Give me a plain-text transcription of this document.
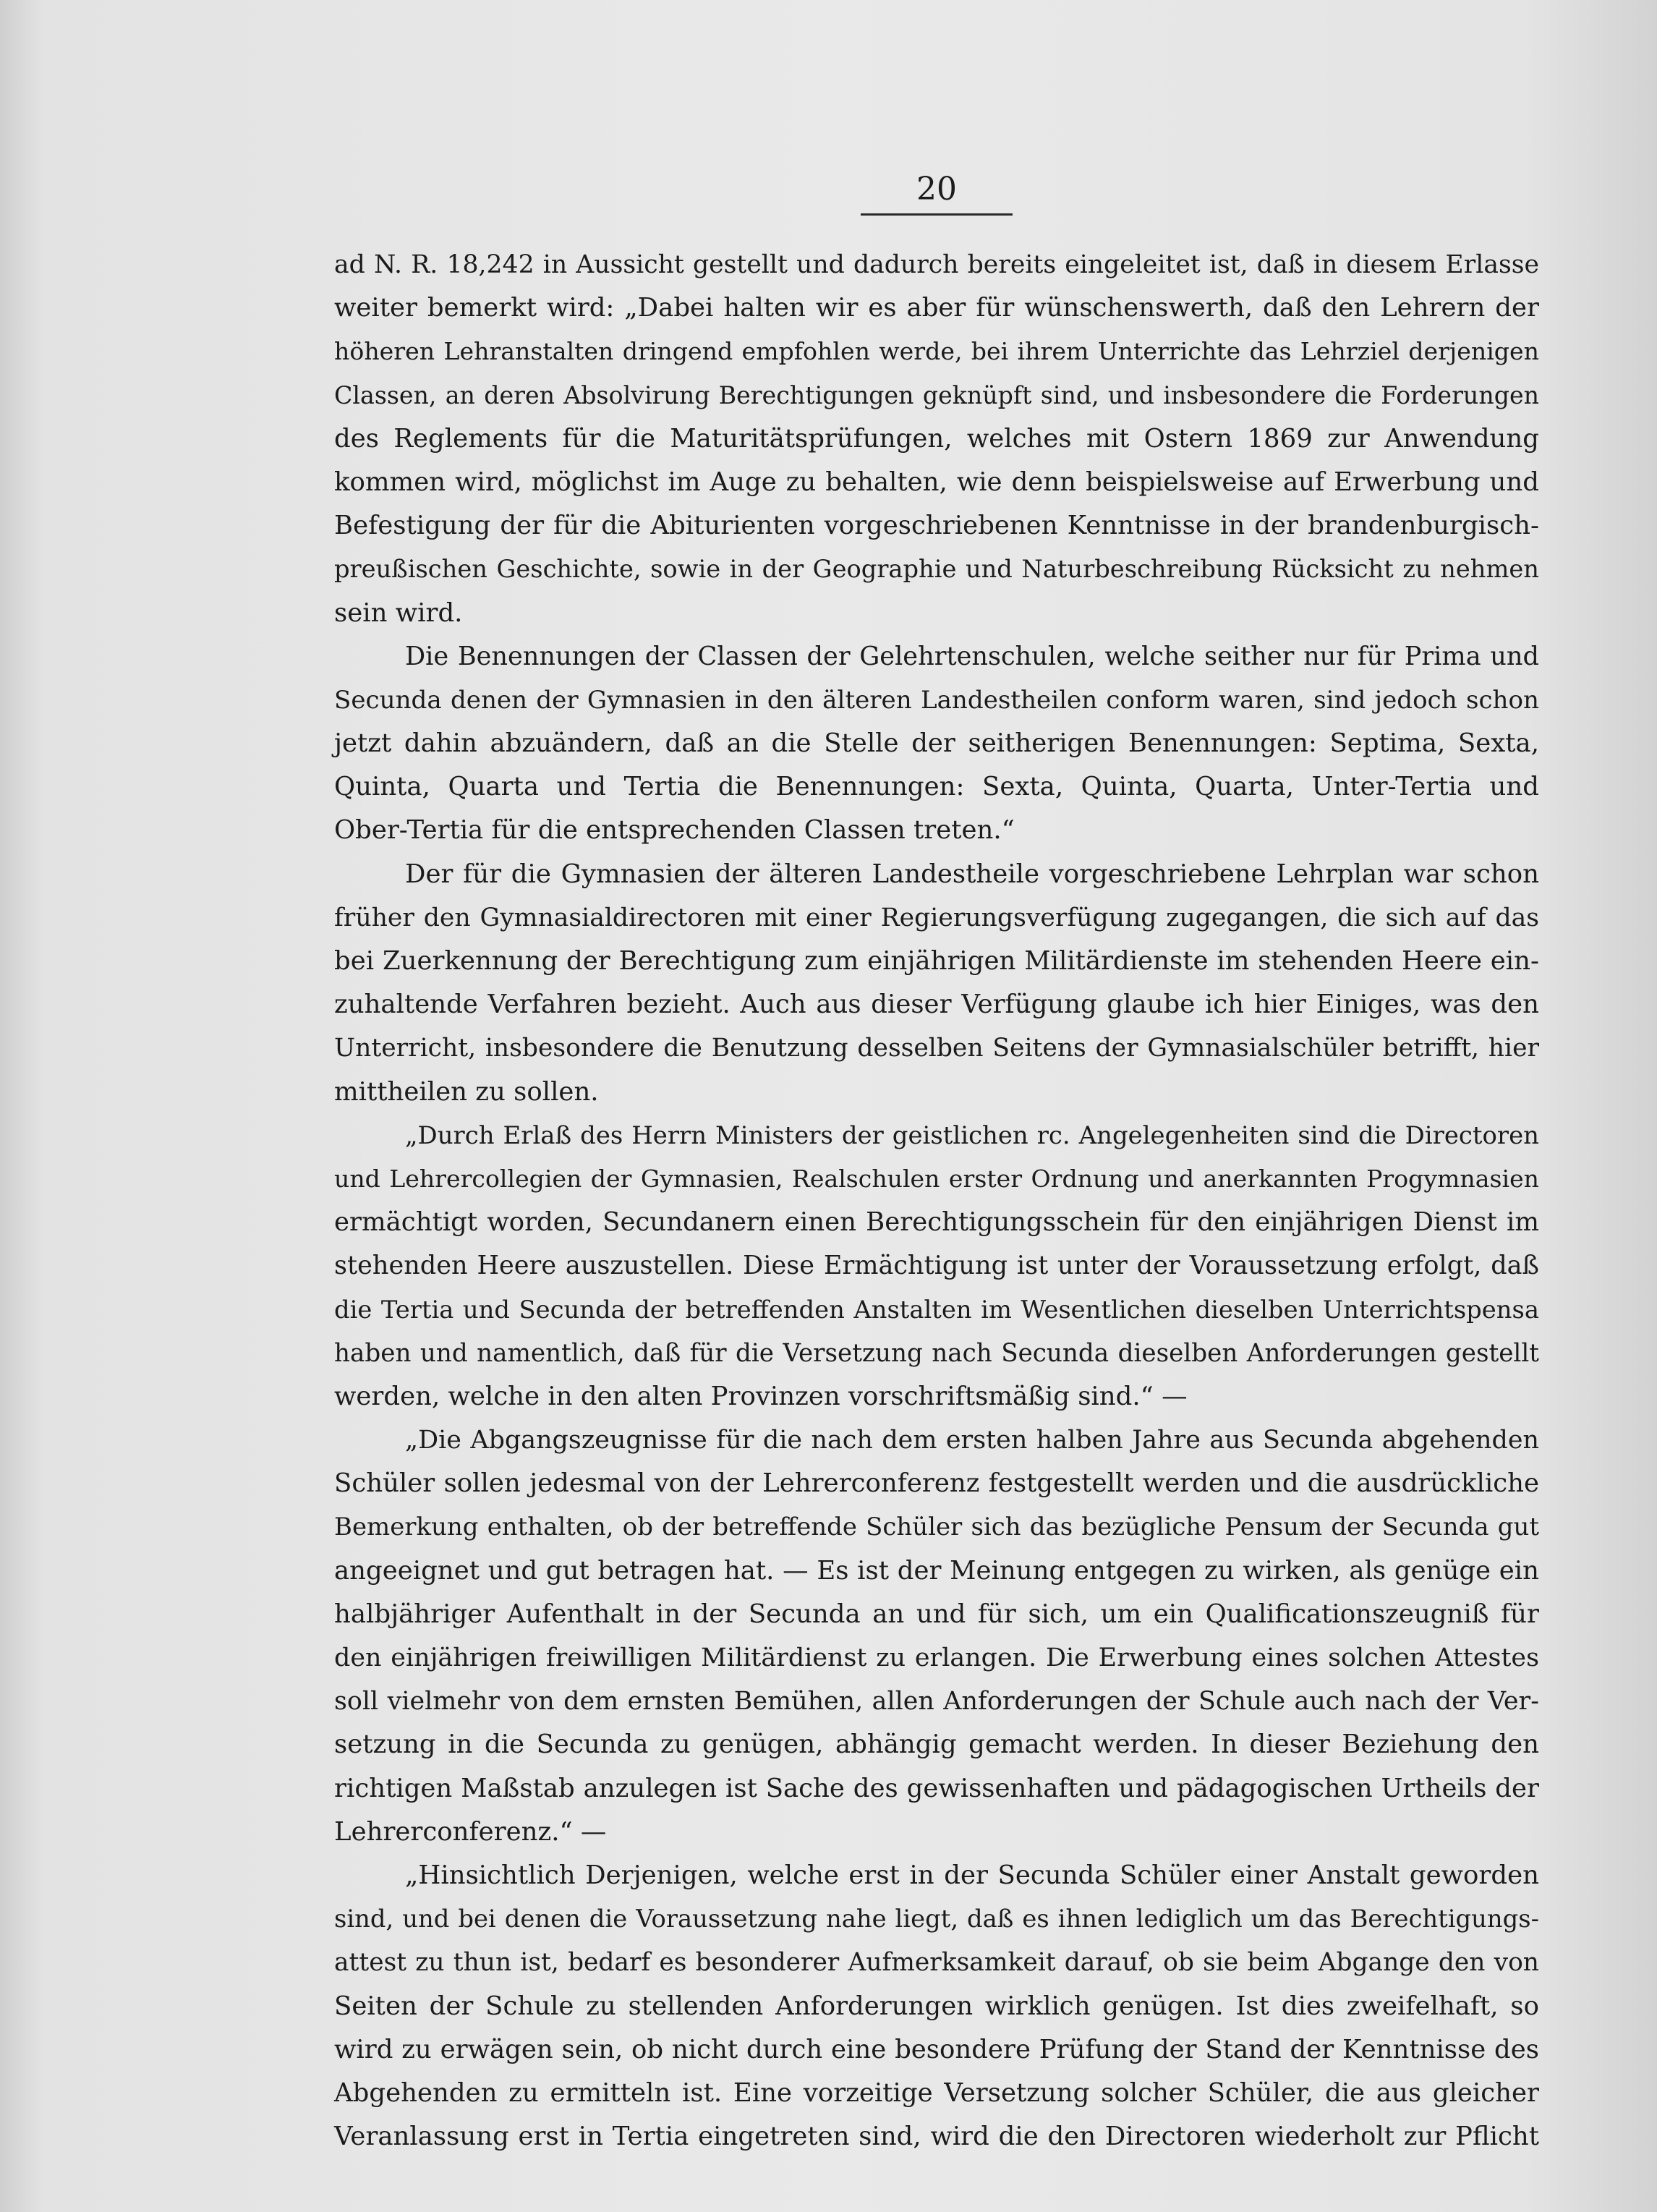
20
ad N. R. 18,242 in Aussicht gestellt und dadurch bereits eingeleitet ist, daß in diesem Erlasse
weiter bemerkt wird: „Dabei halten wir es aber für wünschenswerth, daß den Lehrern der
höheren Lehranstalten dringend empfohlen werde, bei ihrem Unterrichte das Lehrziel derjenigen
Classen, an deren Absolvirung Berechtigungen geknüpft sind, und insbesondere die Forderungen
des Reglements für die Maturitätsprüfungen, welches mit Ostern 1869 zur Anwendung
kommen wird, möglichst im Auge zu behalten, wie denn beispielsweise auf Erwerbung und
Befestigung der für die Abiturienten vorgeschriebenen Kenntnisse in der brandenburgisch-
preußischen Geschichte, sowie in der Geographie und Naturbeschreibung Rücksicht zu nehmen
sein wird.
Die Benennungen der Classen der Gelehrtenschulen, welche seither nur für Prima und
Secunda denen der Gymnasien in den älteren Landestheilen conform waren, sind jedoch schon
jetzt dahin abzuändern, daß an die Stelle der seitherigen Benennungen: Septima, Sexta,
Quinta, Quarta und Tertia die Benennungen: Sexta, Quinta, Quarta, Unter-Tertia und
Ober-Tertia für die entsprechenden Classen treten.“
Der für die Gymnasien der älteren Landestheile vorgeschriebene Lehrplan war schon
früher den Gymnasialdirectoren mit einer Regierungsverfügung zugegangen, die sich auf das
bei Zuerkennung der Berechtigung zum einjährigen Militärdienste im stehenden Heere ein-
zuhaltende Verfahren bezieht. Auch aus dieser Verfügung glaube ich hier Einiges, was den
Unterricht, insbesondere die Benutzung desselben Seitens der Gymnasialschüler betrifft, hier
mittheilen zu sollen.
„Durch Erlaß des Herrn Ministers der geistlichen rc. Angelegenheiten sind die Directoren
und Lehrercollegien der Gymnasien, Realschulen erster Ordnung und anerkannten Progymnasien
ermächtigt worden, Secundanern einen Berechtigungsschein für den einjährigen Dienst im
stehenden Heere auszustellen. Diese Ermächtigung ist unter der Voraussetzung erfolgt, daß
die Tertia und Secunda der betreffenden Anstalten im Wesentlichen dieselben Unterrichtspensa
haben und namentlich, daß für die Versetzung nach Secunda dieselben Anforderungen gestellt
werden, welche in den alten Provinzen vorschriftsmäßig sind.“ —
„Die Abgangszeugnisse für die nach dem ersten halben Jahre aus Secunda abgehenden
Schüler sollen jedesmal von der Lehrerconferenz festgestellt werden und die ausdrückliche
Bemerkung enthalten, ob der betreffende Schüler sich das bezügliche Pensum der Secunda gut
angeeignet und gut betragen hat. — Es ist der Meinung entgegen zu wirken, als genüge ein
halbjähriger Aufenthalt in der Secunda an und für sich, um ein Qualificationszeugniß für
den einjährigen freiwilligen Militärdienst zu erlangen. Die Erwerbung eines solchen Attestes
soll vielmehr von dem ernsten Bemühen, allen Anforderungen der Schule auch nach der Ver-
setzung in die Secunda zu genügen, abhängig gemacht werden. In dieser Beziehung den
richtigen Maßstab anzulegen ist Sache des gewissenhaften und pädagogischen Urtheils der
Lehrerconferenz.“ —
„Hinsichtlich Derjenigen, welche erst in der Secunda Schüler einer Anstalt geworden
sind, und bei denen die Voraussetzung nahe liegt, daß es ihnen lediglich um das Berechtigungs-
attest zu thun ist, bedarf es besonderer Aufmerksamkeit darauf, ob sie beim Abgange den von
Seiten der Schule zu stellenden Anforderungen wirklich genügen. Ist dies zweifelhaft, so
wird zu erwägen sein, ob nicht durch eine besondere Prüfung der Stand der Kenntnisse des
Abgehenden zu ermitteln ist. Eine vorzeitige Versetzung solcher Schüler, die aus gleicher
Veranlassung erst in Tertia eingetreten sind, wird die den Directoren wiederholt zur Pflicht
